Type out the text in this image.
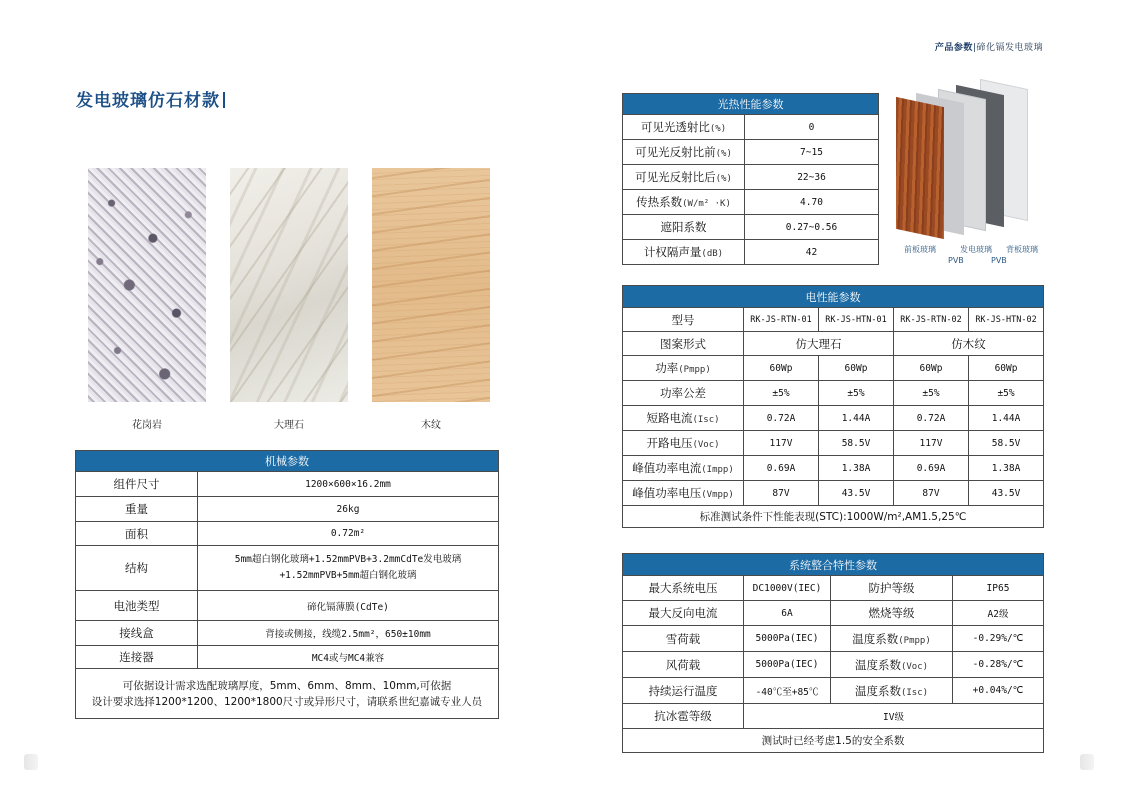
产品参数|碲化镉发电玻璃
发电玻璃仿石材款
花岗岩	大理石	木纹
机械参数	
组件尺寸	1200×600×16.2mm
重量	26kg
面积	0.72m²
结构	5mm超白钢化玻璃+1.52mmPVB+3.2mmCdTe发电玻璃
+1.52mmPVB+5mm超白钢化玻璃

电池类型	碲化镉薄膜(CdTe)
接线盒	背接或侧接，线缆2.5mm²，650±10mm
连接器	MC4或与MC4兼容

可依据设计需求选配玻璃厚度，5mm、6mm、8mm、10mm,可依据
设计要求选择1200*1200、1200*1800尺寸或异形尺寸，请联系世纪嘉诚专业人员	
光热性能参数	
可见光透射比(%)	0
可见光反射比前(%)	7~15
可见光反射比后(%)	22~36
传热系数(W/m² ·K)	4.70
遮阳系数	0.27~0.56
计权隔声量(dB)	42	前板玻璃	发电玻璃 背板玻璃
PVB	PVB
电性能参数				
型号	RK-JS-RTN-01	RK-JS-HTN-01	RK-JS-RTN-02	RK-JS-HTN-02
图案形式	仿大理石		仿木纹	
功率(Pmpp)	60Wp	60Wp	60Wp	60Wp
功率公差	±5%	±5%	±5%	±5%
短路电流(Isc)	0.72A	1.44A	0.72A	1.44A
开路电压(Voc)	117V	58.5V	117V	58.5V
峰值功率电流(Impp)	0.69A	1.38A	0.69A	1.38A
峰值功率电压(Vmpp)	87V	43.5V	87V	43.5V
标准测试条件下性能表现(STC):1000W/m²,AM1.5,25℃				
系统整合特性参数			
最大系统电压	DC1000V(IEC)	防护等级	IP65
最大反向电流	6A	燃烧等级	A2级
雪荷载	5000Pa(IEC)	温度系数(Pmpp)	-0.29%/℃
风荷载	5000Pa(IEC)	温度系数(Voc)	-0.28%/℃
持续运行温度	-40℃至+85℃	温度系数(Isc)	+0.04%/℃
抗冰雹等级	IV级		
测试时已经考虑1.5的安全系数			
